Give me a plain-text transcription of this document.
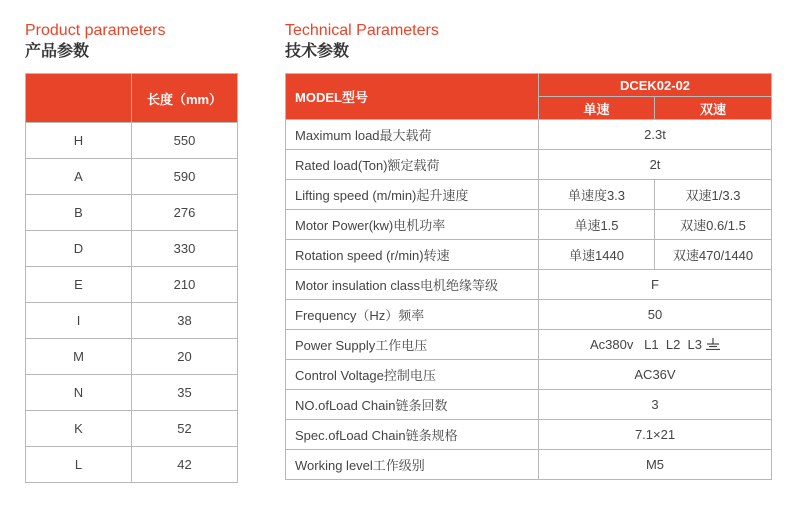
Product parameters
产品参数
Technical Parameters
技术参数
	长度（mm）
H	550
A	590
B	276
D	330
E	210
I	38
M	20
N	35
K	52
L	42
MODEL型号	DCEK02-02	
	单速	双速
Maximum load最大载荷	2.3t	
Rated load(Ton)额定载荷	2t	
Lifting speed (m/min)起升速度	单速度3.3	双速1/3.3
Motor Power(kw)电机功率	单速1.5	双速0.6/1.5
Rotation speed (r/min)转速	单速1440	双速470/1440
Motor insulation class电机绝缘等级	F	
Frequency（Hz）频率	50	
Power Supply工作电压	Ac380v   L1  L2  L3	
Control Voltage控制电压	AC36V	
NO.ofLoad Chain链条回数	3	
Spec.ofLoad Chain链条规格	7.1×21	
Working level工作级别	M5	
